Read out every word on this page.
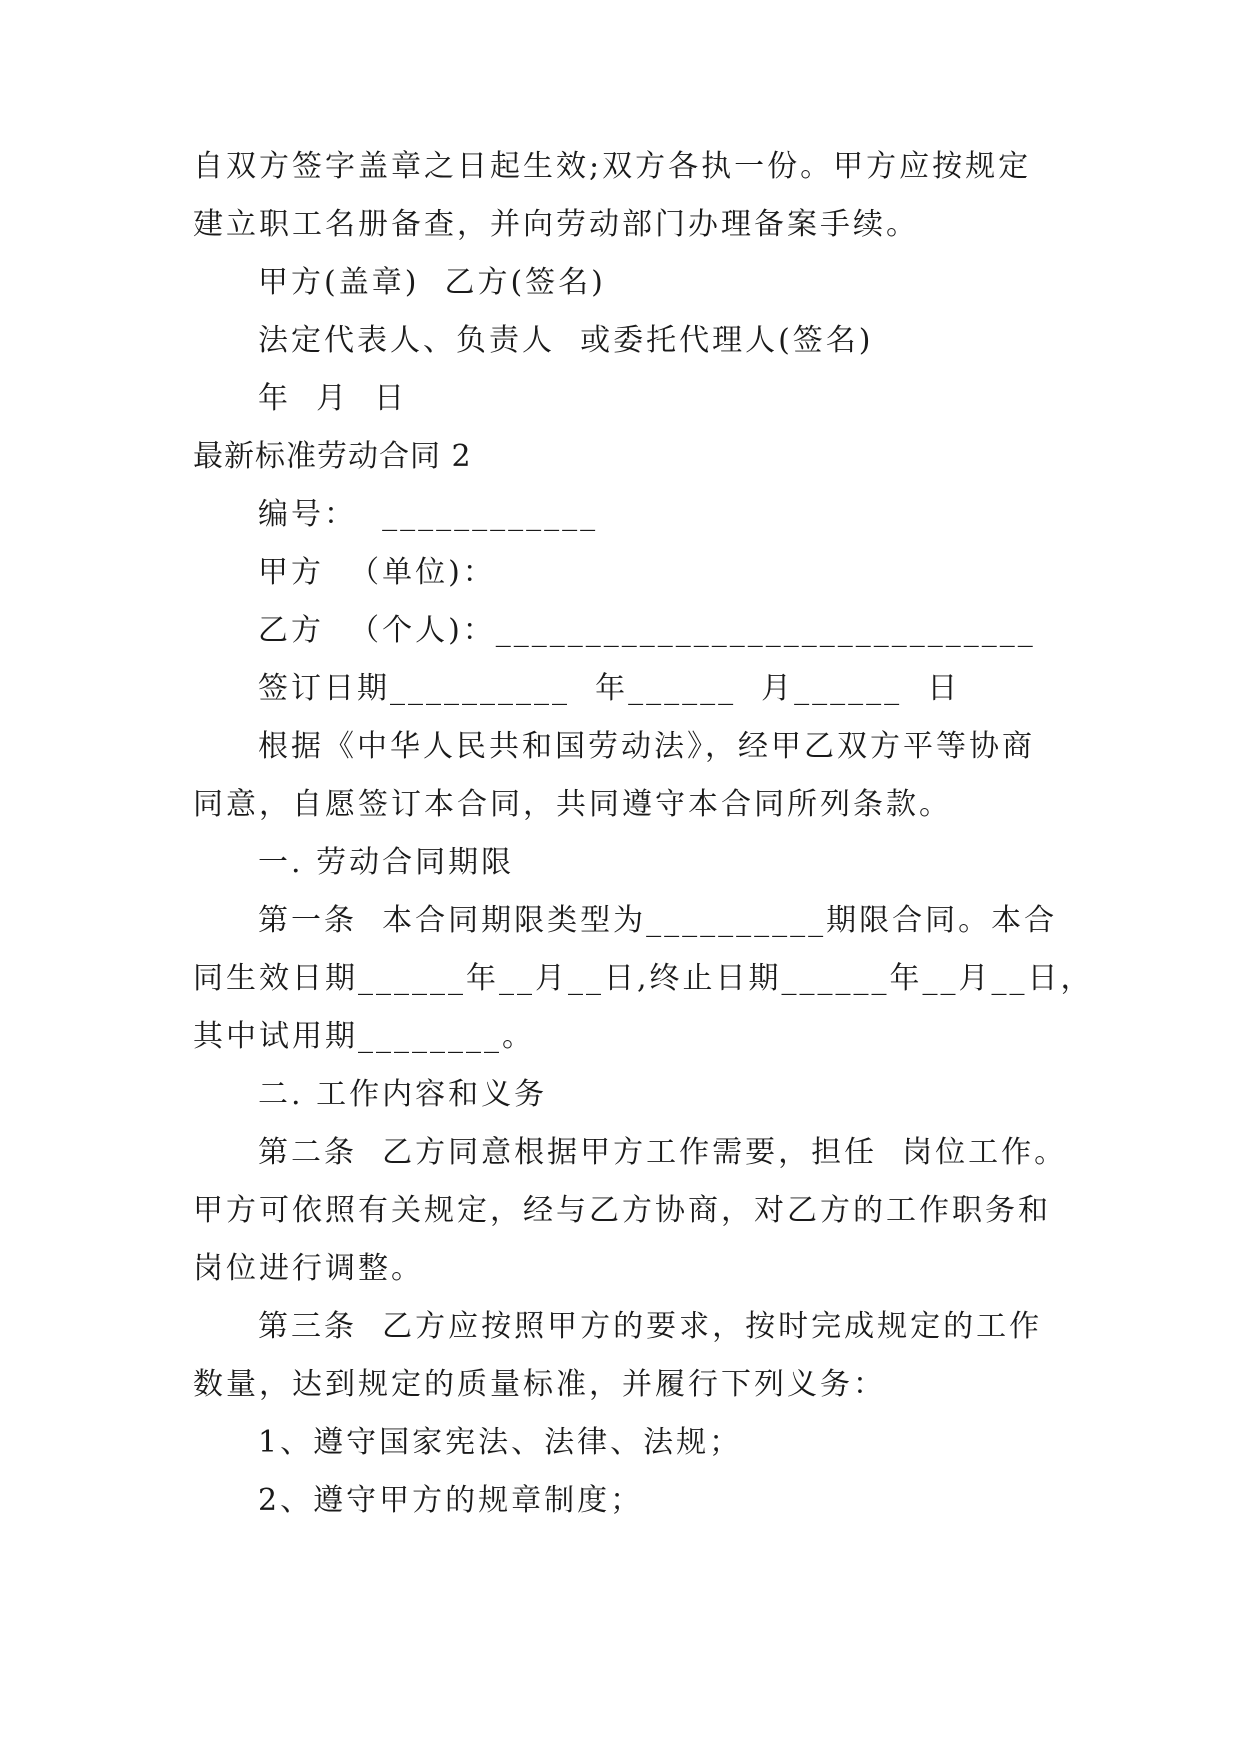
自双方签字盖章之日起生效;双方各执一份。甲方应按规定
建立职工名册备查，并向劳动部门办理备案手续。
甲方(盖章)  乙方(签名)
法定代表人、负责人  或委托代理人(签名)
年  月  日
最新标准劳动合同 2
编号：  ____________
甲方  （单位)：
乙方  （个人)：______________________________
签订日期__________  年______  月______  日
根据《中华人民共和国劳动法》，经甲乙双方平等协商
同意，自愿签订本合同，共同遵守本合同所列条款。
一. 劳动合同期限
第一条  本合同期限类型为__________期限合同。本合
同生效日期______年__月__日,终止日期______年__月__日，
其中试用期________。
二. 工作内容和义务
第二条  乙方同意根据甲方工作需要，担任  岗位工作。
甲方可依照有关规定，经与乙方协商，对乙方的工作职务和
岗位进行调整。
第三条  乙方应按照甲方的要求，按时完成规定的工作
数量，达到规定的质量标准，并履行下列义务：
1、遵守国家宪法、法律、法规；
2、遵守甲方的规章制度；
